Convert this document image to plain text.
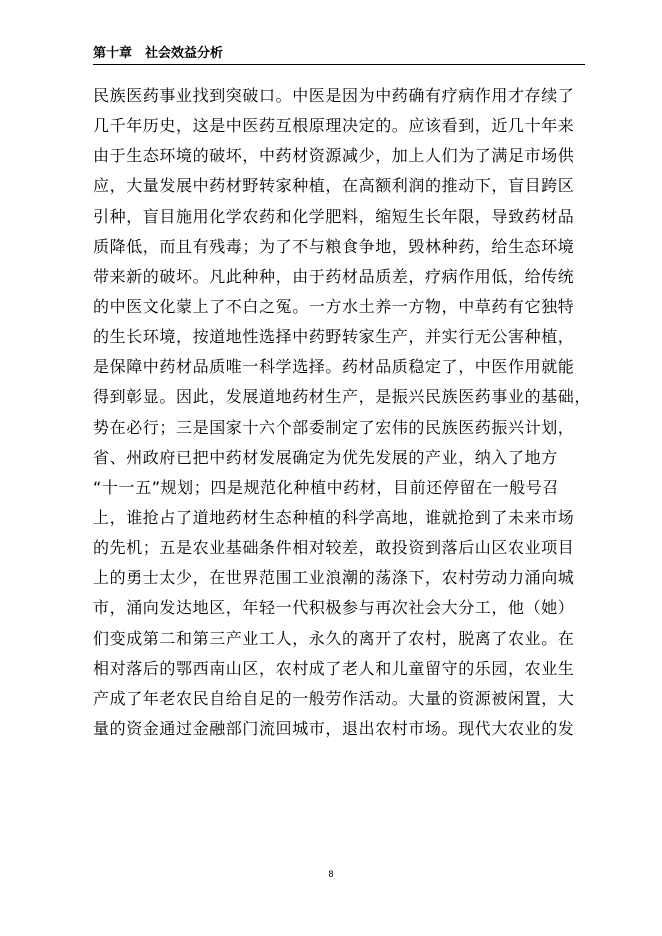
第十章　社会效益分析
民族医药事业找到突破口。中医是因为中药确有疗病作用才存续了
几千年历史，这是中医药互根原理决定的。应该看到，近几十年来
由于生态环境的破坏，中药材资源减少，加上人们为了满足市场供
应，大量发展中药材野转家种植，在高额利润的推动下，盲目跨区
引种，盲目施用化学农药和化学肥料，缩短生长年限，导致药材品
质降低，而且有残毒；为了不与粮食争地，毁林种药，给生态环境
带来新的破坏。凡此种种，由于药材品质差，疗病作用低，给传统
的中医文化蒙上了不白之冤。一方水土养一方物，中草药有它独特
的生长环境，按道地性选择中药野转家生产，并实行无公害种植，
是保障中药材品质唯一科学选择。药材品质稳定了，中医作用就能
得到彰显。因此，发展道地药材生产，是振兴民族医药事业的基础，
势在必行；三是国家十六个部委制定了宏伟的民族医药振兴计划，
省、州政府已把中药材发展确定为优先发展的产业，纳入了地方
“十一五”规划；四是规范化种植中药材，目前还停留在一般号召
上，谁抢占了道地药材生态种植的科学高地，谁就抢到了未来市场
的先机；五是农业基础条件相对较差，敢投资到落后山区农业项目
上的勇士太少，在世界范围工业浪潮的荡涤下，农村劳动力涌向城
市，涌向发达地区，年轻一代积极参与再次社会大分工，他（她）
们变成第二和第三产业工人，永久的离开了农村，脱离了农业。在
相对落后的鄂西南山区，农村成了老人和儿童留守的乐园，农业生
产成了年老农民自给自足的一般劳作活动。大量的资源被闲置，大
量的资金通过金融部门流回城市，退出农村市场。现代大农业的发
8
